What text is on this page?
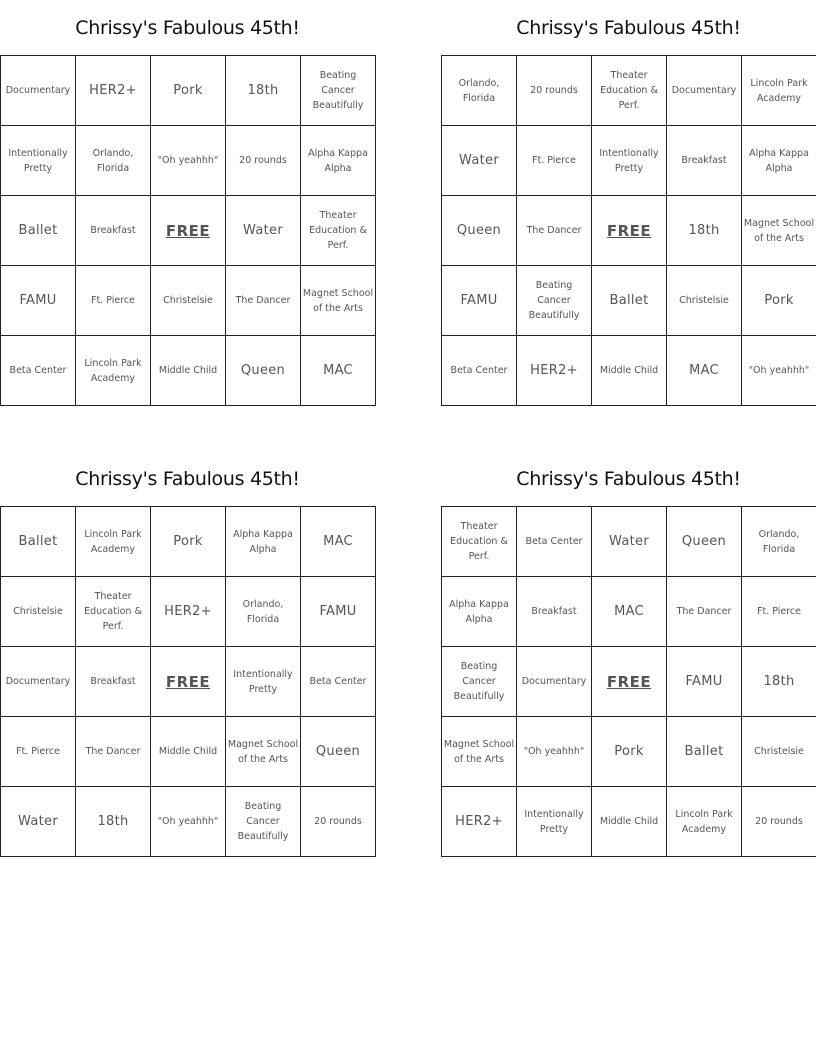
Chrissy's Fabulous 45th!
Documentary	HER2+	Pork	18th	Beating Cancer Beautifully
Intentionally Pretty	Orlando, Florida	"Oh yeahhh"	20 rounds	Alpha Kappa Alpha
Ballet	Breakfast	FREE	Water	Theater Education & Perf.
FAMU	Ft. Pierce	Christelsie	The Dancer	Magnet School of the Arts
Beta Center	Lincoln Park Academy	Middle Child	Queen	MAC
Chrissy's Fabulous 45th!
Orlando, Florida	20 rounds	Theater Education & Perf.	Documentary	Lincoln Park Academy
Water	Ft. Pierce	Intentionally Pretty	Breakfast	Alpha Kappa Alpha
Queen	The Dancer	FREE	18th	Magnet School of the Arts
FAMU	Beating Cancer Beautifully	Ballet	Christelsie	Pork
Beta Center	HER2+	Middle Child	MAC	"Oh yeahhh"
Chrissy's Fabulous 45th!
Ballet	Lincoln Park Academy	Pork	Alpha Kappa Alpha	MAC
Christelsie	Theater Education & Perf.	HER2+	Orlando, Florida	FAMU
Documentary	Breakfast	FREE	Intentionally Pretty	Beta Center
Ft. Pierce	The Dancer	Middle Child	Magnet School of the Arts	Queen
Water	18th	"Oh yeahhh"	Beating Cancer Beautifully	20 rounds
Chrissy's Fabulous 45th!
Theater Education & Perf.	Beta Center	Water	Queen	Orlando, Florida
Alpha Kappa Alpha	Breakfast	MAC	The Dancer	Ft. Pierce
Beating Cancer Beautifully	Documentary	FREE	FAMU	18th
Magnet School of the Arts	"Oh yeahhh"	Pork	Ballet	Christelsie
HER2+	Intentionally Pretty	Middle Child	Lincoln Park Academy	20 rounds
